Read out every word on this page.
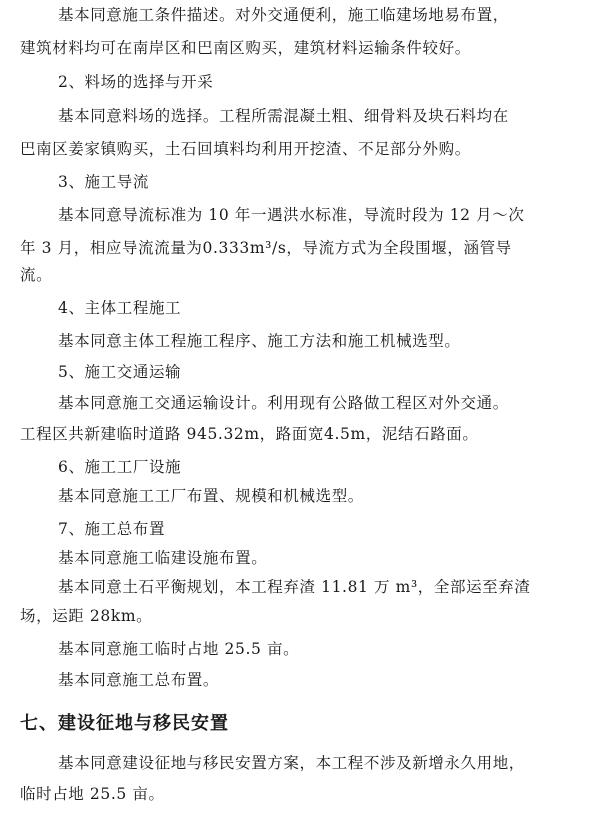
基本同意施工条件描述。对外交通便利，施工临建场地易布置，
建筑材料均可在南岸区和巴南区购买，建筑材料运输条件较好。
2、料场的选择与开采
基本同意料场的选择。工程所需混凝土粗、细骨料及块石料均在
巴南区姜家镇购买，土石回填料均利用开挖渣、不足部分外购。
3、施工导流
基本同意导流标准为 10 年一遇洪水标准，导流时段为 12 月～次
年 3 月，相应导流流量为0.333m³/s，导流方式为全段围堰，涵管导
流。
4、主体工程施工
基本同意主体工程施工程序、施工方法和施工机械选型。
5、施工交通运输
基本同意施工交通运输设计。利用现有公路做工程区对外交通。
工程区共新建临时道路 945.32m，路面宽4.5m，泥结石路面。
6、施工工厂设施
基本同意施工工厂布置、规模和机械选型。
7、施工总布置
基本同意施工临建设施布置。
基本同意土石平衡规划，本工程弃渣 11.81 万 m³，全部运至弃渣
场，运距 28km。
基本同意施工临时占地 25.5 亩。
基本同意施工总布置。
七、建设征地与移民安置
基本同意建设征地与移民安置方案，本工程不涉及新增永久用地，
临时占地 25.5 亩。
